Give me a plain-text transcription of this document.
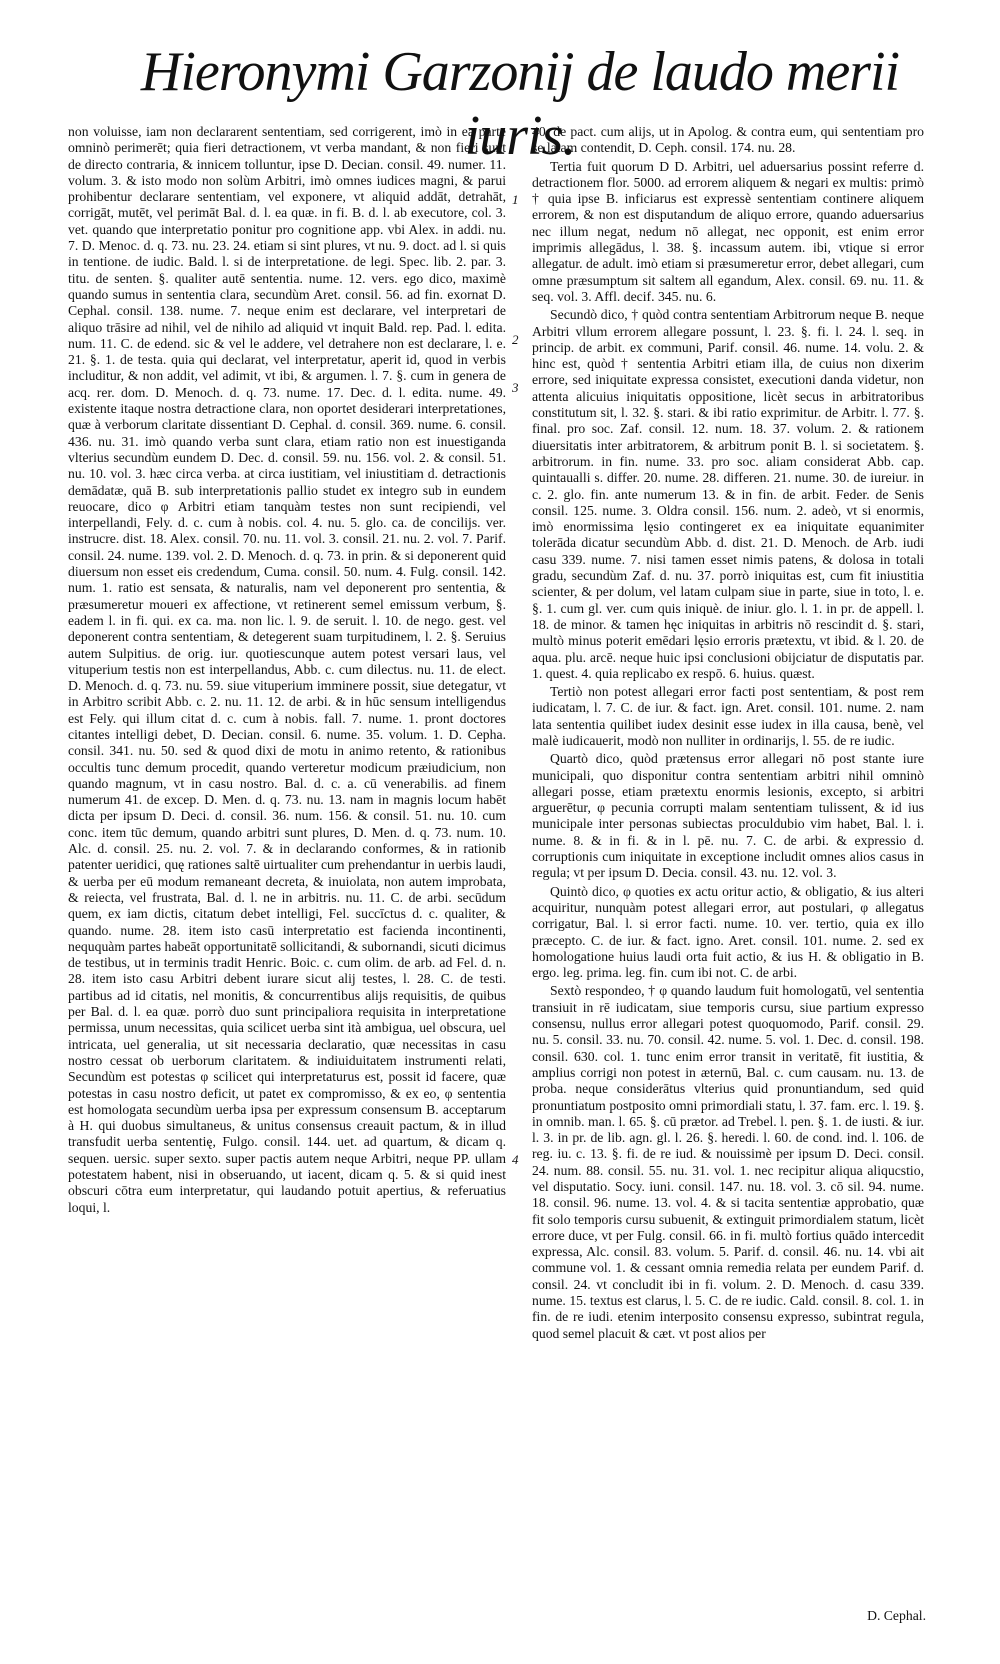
Hieronymi Garzonij de laudo merii iuris.

non voluisse, iam non declararent sententiam, sed corrigerent, imò in ea parte omninò perimerēt; quia fieri detractionem, vt verba mandant, & non fieri sunt de directo contraria, & innicem tolluntur, ipse D. Decian. consil. 49. numer. 11. volum. 3. & isto modo non solùm Arbitri, imò omnes iudices magni, & parui prohibentur declarare sententiam, vel exponere, vt aliquid addāt, detrahāt, corrigāt, mutēt, vel perimāt Bal. d. l. ea quæ. in fi. B. d. l. ab executore, col. 3. vet. quando que interpretatio ponitur pro cognitione app. vbi Alex. in addi. nu. 7. D. Menoc. d. q. 73. nu. 23. 24. etiam si sint plures, vt nu. 9. doct. ad l. si quis in tentione. de iudic. Bald. l. si de interpretatione. de legi. Spec. lib. 2. par. 3. titu. de senten. §. qualiter autē sententia. nume. 12. vers. ego dico, maximè quando sumus in sententia clara, secundùm Aret. consil. 56. ad fin. exornat D. Cephal. consil. 138. nume. 7. neque enim est declarare, vel interpretari de aliquo trāsire ad nihil, vel de nihilo ad aliquid vt inquit Bald. rep. Pad. l. edita. num. 11. C. de edend. sic & vel le addere, vel detrahere non est declarare, l. e. 21. §. 1. de testa. quia qui declarat, vel interpretatur, aperit id, quod in verbis includitur, & non addit, vel adimit, vt ibi, & argumen. l. 7. §. cum in genera de acq. rer. dom. D. Menoch. d. q. 73. nume. 17. Dec. d. l. edita. nume. 49. existente itaque nostra detractione clara, non oportet desiderari interpretationes, quæ à verborum claritate dissentiant D. Cephal. d. consil. 369. nume. 6. consil. 436. nu. 31. imò quando verba sunt clara, etiam ratio non est inuestiganda vlterius secundùm eundem D. Dec. d. consil. 59. nu. 156. vol. 2. & consil. 51. nu. 10. vol. 3. hæc circa verba. at circa iustitiam, vel iniustitiam d. detractionis demādatæ, quā B. sub interpretationis pallio studet ex integro sub in eundem reuocare, dico φ Arbitri etiam tanquàm testes non sunt recipiendi, vel interpellandi, Fely. d. c. cum à nobis. col. 4. nu. 5. glo. ca. de concilijs. ver. instrucre. dist. 18. Alex. consil. 70. nu. 11. vol. 3. consil. 21. nu. 2. vol. 7. Parif. consil. 24. nume. 139. vol. 2. D. Menoch. d. q. 73. in prin. & si deponerent quid diuersum non esset eis credendum, Cuma. consil. 50. num. 4. Fulg. consil. 142. num. 1. ratio est sensata, & naturalis, nam vel deponerent pro sententia, & præsumeretur moueri ex affectione, vt retinerent semel emissum verbum, §. eadem l. in fi. qui. ex ca. ma. non lic. l. 9. de seruit. l. 10. de nego. gest. vel deponerent contra sententiam, & detegerent suam turpitudinem, l. 2. §. Seruius autem Sulpitius. de orig. iur. quotiescunque autem potest versari laus, vel vituperium testis non est interpellandus, Abb. c. cum dilectus. nu. 11. de elect. D. Menoch. d. q. 73. nu. 59. siue vituperium imminere possit, siue detegatur, vt in Arbitro scribit Abb. c. 2. nu. 11. 12. de arbi. & in hūc sensum intelligendus est Fely. qui illum citat d. c. cum à nobis. fall. 7. nume. 1. pront doctores citantes intelligi debet, D. Decian. consil. 6. nume. 35. volum. 1. D. Cepha. consil. 341. nu. 50. sed & quod dixi de motu in animo retento, & rationibus occultis tunc demum procedit, quando verteretur modicum præiudicium, non quando magnum, vt in casu nostro. Bal. d. c. a. cū venerabilis. ad finem numerum 41. de excep. D. Men. d. q. 73. nu. 13. nam in magnis locum habēt dicta per ipsum D. Deci. d. consil. 36. num. 156. & consil. 51. nu. 10. cum conc. item tūc demum, quando arbitri sunt plures, D. Men. d. q. 73. num. 10. Alc. d. consil. 25. nu. 2. vol. 7. & in declarando conformes, & in rationib patenter ueridici, quę rationes saltē uirtualiter cum prehendantur in uerbis laudi, & uerba per eū modum remaneant decreta, & inuiolata, non autem improbata, & reiecta, vel frustrata, Bal. d. l. ne in arbitris. nu. 11. C. de arbi. secūdum quem, ex iam dictis, citatum debet intelligi, Fel. succīctus d. c. qualiter, & quando. nume. 28. item isto casū interpretatio est facienda incontinenti, neququàm partes habeāt opportunitatē sollicitandi, & subornandi, sicuti dicimus de testibus, ut in terminis tradit Henric. Boic. c. cum olim. de arb. ad Fel. d. n. 28. item isto casu Arbitri debent iurare sicut alij testes, l. 28. C. de testi. partibus ad id citatis, nel monitis, & concurrentibus alijs requisitis, de quibus per Bal. d. l. ea quæ. porrò duo sunt principaliora requisita in interpretatione permissa, unum necessitas, quia scilicet uerba sint ità ambigua, uel obscura, uel intricata, uel generalia, ut sit necessaria declaratio, quæ necessitas in casu nostro cessat ob uerborum claritatem. & indiuiduitatem instrumenti relati, Secundùm est potestas φ scilicet qui interpretaturus est, possit id facere, quæ potestas in casu nostro deficit, ut patet ex compromisso, & ex eo, φ sententia est homologata secundùm uerba ipsa per expressum consensum B. acceptarum à H. qui duobus simultaneus, & unitus consensus creauit pactum, & in illud transfudit uerba sententię, Fulgo. consil. 144. uet. ad quartum, & dicam q. sequen. uersic. super sexto. super pactis autem neque Arbitri, neque PP. ullam potestatem habent, nisi in obseruando, ut iacent, dicam q. 5. & si quid inest obscuri cōtra eum interpretatur, qui laudando potuit apertius, & referuatius loqui, l.

40. de pact. cum alijs, ut in Apolog. & contra eum, qui sententiam pro se latam contendit, D. Ceph. consil. 174. nu. 28.

Tertia fuit quorum D D. Arbitri, uel aduersarius possint referre d. detractionem flor. 5000. ad errorem aliquem & negari ex multis: primò † quia ipse B. inficiarus est expressè sententiam continere aliquem errorem, & non est disputandum de aliquo errore, quando aduersarius nec illum negat, nedum nō allegat, nec opponit, est enim error imprimis allegādus, l. 38. §. incassum autem. ibi, vtique si error allegatur. de adult. imò etiam si præsumeretur error, debet allegari, cum omne præsumptum sit saltem all egandum, Alex. consil. 69. nu. 11. & seq. vol. 3. Affl. decif. 345. nu. 6.

Secundò dico, † quòd contra sententiam Arbitrorum neque B. neque Arbitri vllum errorem allegare possunt, l. 23. §. fi. l. 24. l. seq. in princip. de arbit. ex communi, Parif. consil. 46. nume. 14. volu. 2. & hinc est, quòd † sententia Arbitri etiam illa, de cuius non dixerim errore, sed iniquitate expressa consistet, executioni danda videtur, non attenta alicuius iniquitatis oppositione, licèt secus in arbitratoribus constitutum sit, l. 32. §. stari. & ibi ratio exprimitur. de Arbitr. l. 77. §. final. pro soc. Zaf. consil. 12. num. 18. 37. volum. 2. & rationem diuersitatis inter arbitratorem, & arbitrum ponit B. l. si societatem. §. arbitrorum. in fin. nume. 33. pro soc. aliam considerat Abb. cap. quintaualli s. differ. 20. nume. 28. differen. 21. nume. 30. de iureiur. in c. 2. glo. fin. ante numerum 13. & in fin. de arbit. Feder. de Senis consil. 125. nume. 3. Oldra consil. 156. num. 2. adeò, vt si enormis, imò enormissima lęsio contingeret ex ea iniquitate equanimiter tolerāda dicatur secundùm Abb. d. dist. 21. D. Menoch. de Arb. iudi casu 339. nume. 7. nisi tamen esset nimis patens, & dolosa in totali gradu, secundùm Zaf. d. nu. 37. porrò iniquitas est, cum fit iniustitia scienter, & per dolum, vel latam culpam siue in parte, siue in toto, l. e. §. 1. cum gl. ver. cum quis iniquè. de iniur. glo. l. 1. in pr. de appell. l. 18. de minor. & tamen hęc iniquitas in arbitris nō rescindit d. §. stari, multò minus poterit emēdari lęsio erroris prætextu, vt ibid. & l. 20. de aqua. plu. arcē. neque huic ipsi conclusioni obijciatur de disputatis par. 1. quest. 4. quia replicabo ex respō. 6. huius. quæst.

Tertiò non potest allegari error facti post sententiam, & post rem iudicatam, l. 7. C. de iur. & fact. ign. Aret. consil. 101. nume. 2. nam lata sententia quilibet iudex desinit esse iudex in illa causa, benè, vel malè iudicauerit, modò non nulliter in ordinarijs, l. 55. de re iudic.

Quartò dico, quòd prætensus error allegari nō post stante iure municipali, quo disponitur contra sententiam arbitri nihil omninò allegari posse, etiam prætextu enormis lesionis, excepto, si arbitri arguerētur, φ pecunia corrupti malam sententiam tulissent, & id ius municipale inter personas subiectas proculdubio vim habet, Bal. l. i. nume. 8. & in fi. & in l. pē. nu. 7. C. de arbi. & expressio d. corruptionis cum iniquitate in exceptione includit omnes alios casus in regula; vt per ipsum D. Decia. consil. 43. nu. 12. vol. 3.

Quintò dico, φ quoties ex actu oritur actio, & obligatio, & ius alteri acquiritur, nunquàm potest allegari error, aut postulari, φ allegatus corrigatur, Bal. l. si error facti. nume. 10. ver. tertio, quia ex illo præcepto. C. de iur. & fact. igno. Aret. consil. 101. nume. 2. sed ex homologatione huius laudi orta fuit actio, & ius H. & obligatio in B. ergo. leg. prima. leg. fin. cum ibi not. C. de arbi.

Sextò respondeo, † φ quando laudum fuit homologatū, vel sententia transiuit in rē iudicatam, siue temporis cursu, siue partium expresso consensu, nullus error allegari potest quoquomodo, Parif. consil. 29. nu. 5. consil. 33. nu. 70. consil. 42. nume. 5. vol. 1. Dec. d. consil. 198. consil. 630. col. 1. tunc enim error transit in veritatē, fit iustitia, & amplius corrigi non potest in æternū, Bal. c. cum causam. nu. 13. de proba. neque considerātus vlterius quid pronuntiandum, sed quid pronuntiatum postposito omni primordiali statu, l. 37. fam. erc. l. 19. §. in omnib. man. l. 65. §. cū prætor. ad Trebel. l. pen. §. 1. de iusti. & iur. l. 3. in pr. de lib. agn. gl. l. 26. §. heredi. l. 60. de cond. ind. l. 106. de reg. iu. c. 13. §. fi. de re iud. & nouissimè per ipsum D. Deci. consil. 24. num. 88. consil. 55. nu. 31. vol. 1. nec recipitur aliqua aliqucstio, vel disputatio. Socy. iuni. consil. 147. nu. 18. vol. 3. cō sil. 94. nume. 18. consil. 96. nume. 13. vol. 4. & si tacita sententiæ approbatio, quæ fit solo temporis cursu subuenit, & extinguit primordialem statum, licèt errore duce, vt per Fulg. consil. 66. in fi. multò fortius quādo intercedit expressa, Alc. consil. 83. volum. 5. Parif. d. consil. 46. nu. 14. vbi ait commune vol. 1. & cessant omnia remedia relata per eundem Parif. d. consil. 24. vt concludit ibi in fi. volum. 2. D. Menoch. d. casu 339. nume. 15. textus est clarus, l. 5. C. de re iudic. Cald. consil. 8. col. 1. in fin. de re iudi. etenim interposito consensu expresso, subintrat regula, quod semel placuit & cæt. vt post alios per

1
2
3
4
D. Cephal.
